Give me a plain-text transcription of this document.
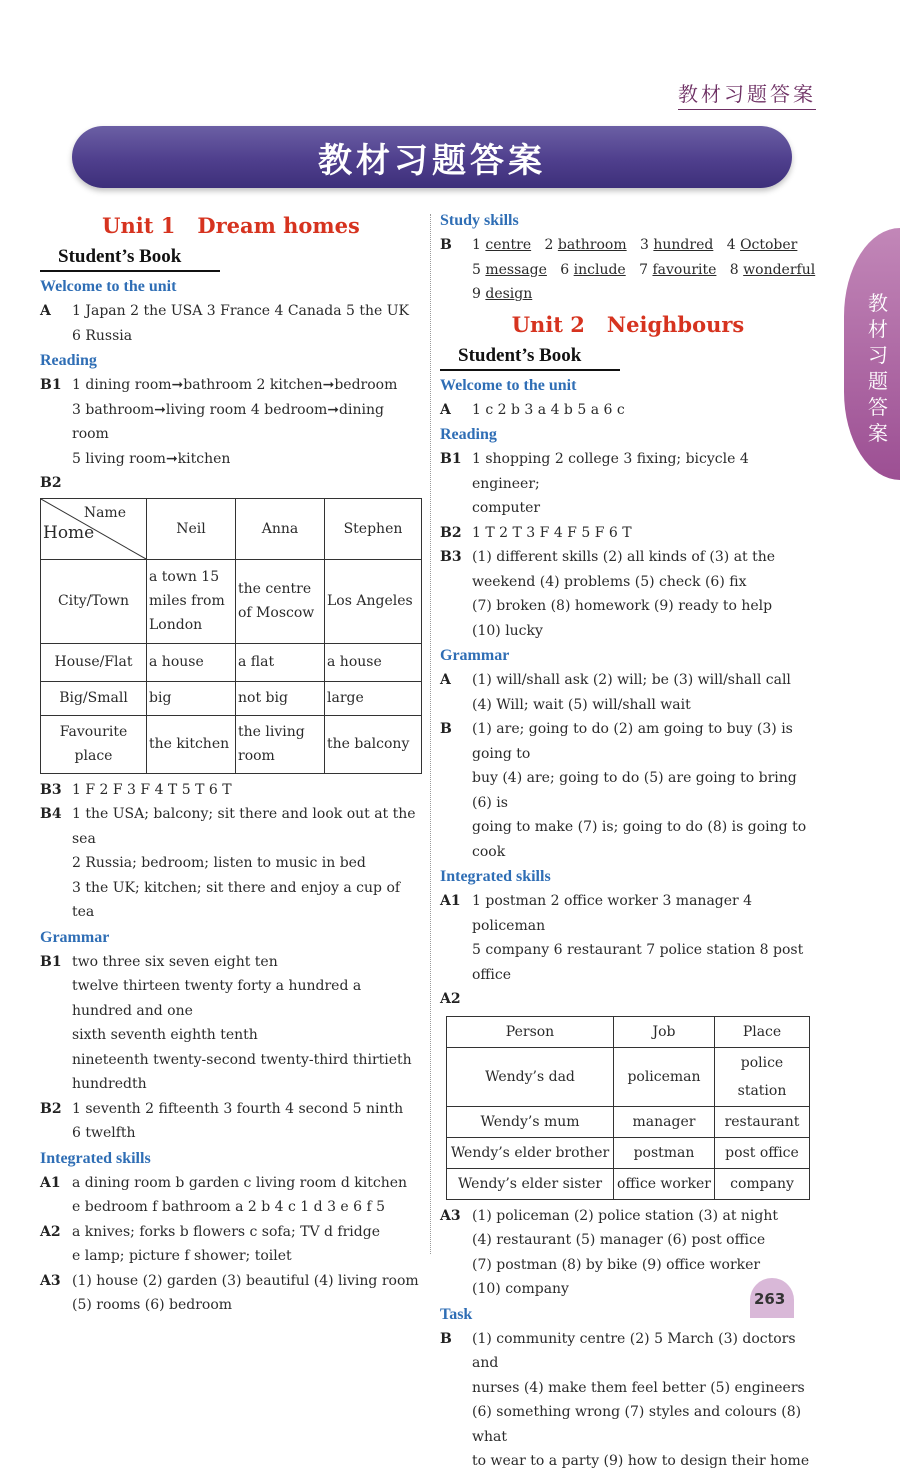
教材习题答案
教材习题答案
教材习题答案
Unit 1 Dream homes
Student’s Book
Welcome to the unit
A	1 Japan 2 the USA 3 France 4 Canada 5 the UK
6 Russia
Reading
B1 1 dining room➞bathroom 2 kitchen➞bedroom
3 bathroom➞living room 4 bedroom➞dining room
5 living room➞kitchen
B2
Name
Home	Neil	Anna	Stephen
City/Town	a town 15 miles from London	the centre of Moscow	Los Angeles
House/Flat	a house	a flat	a house
Big/Small	big	not big	large
Favourite place	the kitchen	the living room	the balcony
B3 1 F 2 F 3 F 4 T 5 T 6 T
B4 1 the USA; balcony; sit there and look out at the sea
2 Russia; bedroom; listen to music in bed
3 the UK; kitchen; sit there and enjoy a cup of tea
Grammar
B1 two three six seven eight ten
twelve thirteen twenty forty a hundred a
hundred and one
sixth seventh eighth tenth
nineteenth twenty-second twenty-third thirtieth
hundredth
B2 1 seventh 2 fifteenth 3 fourth 4 second 5 ninth
6 twelfth
Integrated skills
A1 a dining room b garden c living room d kitchen
e bedroom f bathroom a 2 b 4 c 1 d 3 e 6 f 5
A2 a knives; forks b flowers c sofa; TV d fridge
e lamp; picture f shower; toilet
A3 (1) house (2) garden (3) beautiful (4) living room
(5) rooms (6) bedroom
Study skills
B	1 centre 2 bathroom 3 hundred 4 October
5 message 6 include 7 favourite 8 wonderful
9 design
Unit 2 Neighbours
Student’s Book
Welcome to the unit
A	1 c 2 b 3 a 4 b 5 a 6 c
Reading
B1 1 shopping 2 college 3 fixing; bicycle 4 engineer;
computer
B2 1 T 2 T 3 F 4 F 5 F 6 T
B3 (1) different skills (2) all kinds of (3) at the
weekend (4) problems (5) check (6) fix
(7) broken (8) homework (9) ready to help
(10) lucky
Grammar
A	(1) will/shall ask (2) will; be (3) will/shall call
(4) Will; wait (5) will/shall wait
B	(1) are; going to do (2) am going to buy (3) is going to
buy (4) are; going to do (5) are going to bring (6) is
going to make (7) is; going to do (8) is going to cook
Integrated skills
A1 1 postman 2 office worker 3 manager 4 policeman
5 company 6 restaurant 7 police station 8 post office
A2
Person	Job	Place
Wendy’s dad	policeman	police station
Wendy’s mum	manager	restaurant
Wendy’s elder brother	postman	post office
Wendy’s elder sister	office worker	company
A3 (1) policeman (2) police station (3) at night
(4) restaurant (5) manager (6) post office
(7) postman (8) by bike (9) office worker
(10) company
Task
B	(1) community centre (2) 5 March (3) doctors and
nurses (4) make them feel better (5) engineers
(6) something wrong (7) styles and colours (8) what
to wear to a party (9) how to design their home
263
